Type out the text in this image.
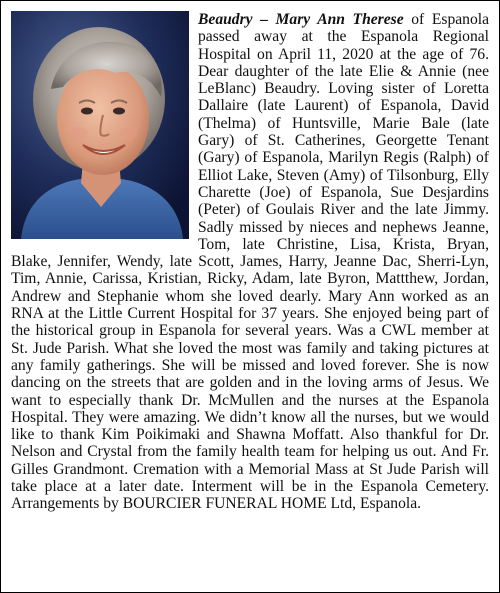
Beaudry – Mary Ann Therese of Espanola passed away at the Espanola Regional Hospital on April 11, 2020 at the age of 76. Dear daughter of the late Elie & Annie (nee LeBlanc) Beaudry. Loving sister of Loretta Dallaire (late Laurent) of Espanola, David (Thelma) of Huntsville, Marie Bale (late Gary) of St. Catherines, Georgette Tenant (Gary) of Espanola, Marilyn Regis (Ralph) of Elliot Lake, Steven (Amy) of Tilsonburg, Elly Charette (Joe) of Espanola, Sue Desjardins (Peter) of Goulais River and the late Jimmy. Sadly missed by nieces and nephews Jeanne, Tom, late Christine, Lisa, Krista, Bryan, Blake, Jennifer, Wendy, late Scott, James, Harry, Jeanne Dac, Sherri-Lyn, Tim, Annie, Carissa, Kristian, Ricky, Adam, late Byron, Mattthew, Jordan, Andrew and Stephanie whom she loved dearly. Mary Ann worked as an RNA at the Little Current Hospital for 37 years. She enjoyed being part of the historical group in Espanola for several years. Was a CWL member at St. Jude Parish. What she loved the most was family and taking pictures at any family gatherings. She will be missed and loved forever. She is now dancing on the streets that are golden and in the loving arms of Jesus. We want to especially thank Dr. McMullen and the nurses at the Espanola Hospital. They were amazing. We didn’t know all the nurses, but we would like to thank Kim Poikimaki and Shawna Moffatt. Also thankful for Dr. Nelson and Crystal from the family health team for helping us out. And Fr. Gilles Grandmont. Cremation with a Memorial Mass at St Jude Parish will take place at a later date. Interment will be in the Espanola Cemetery. Arrangements by BOURCIER FUNERAL HOME Ltd, Espanola.
